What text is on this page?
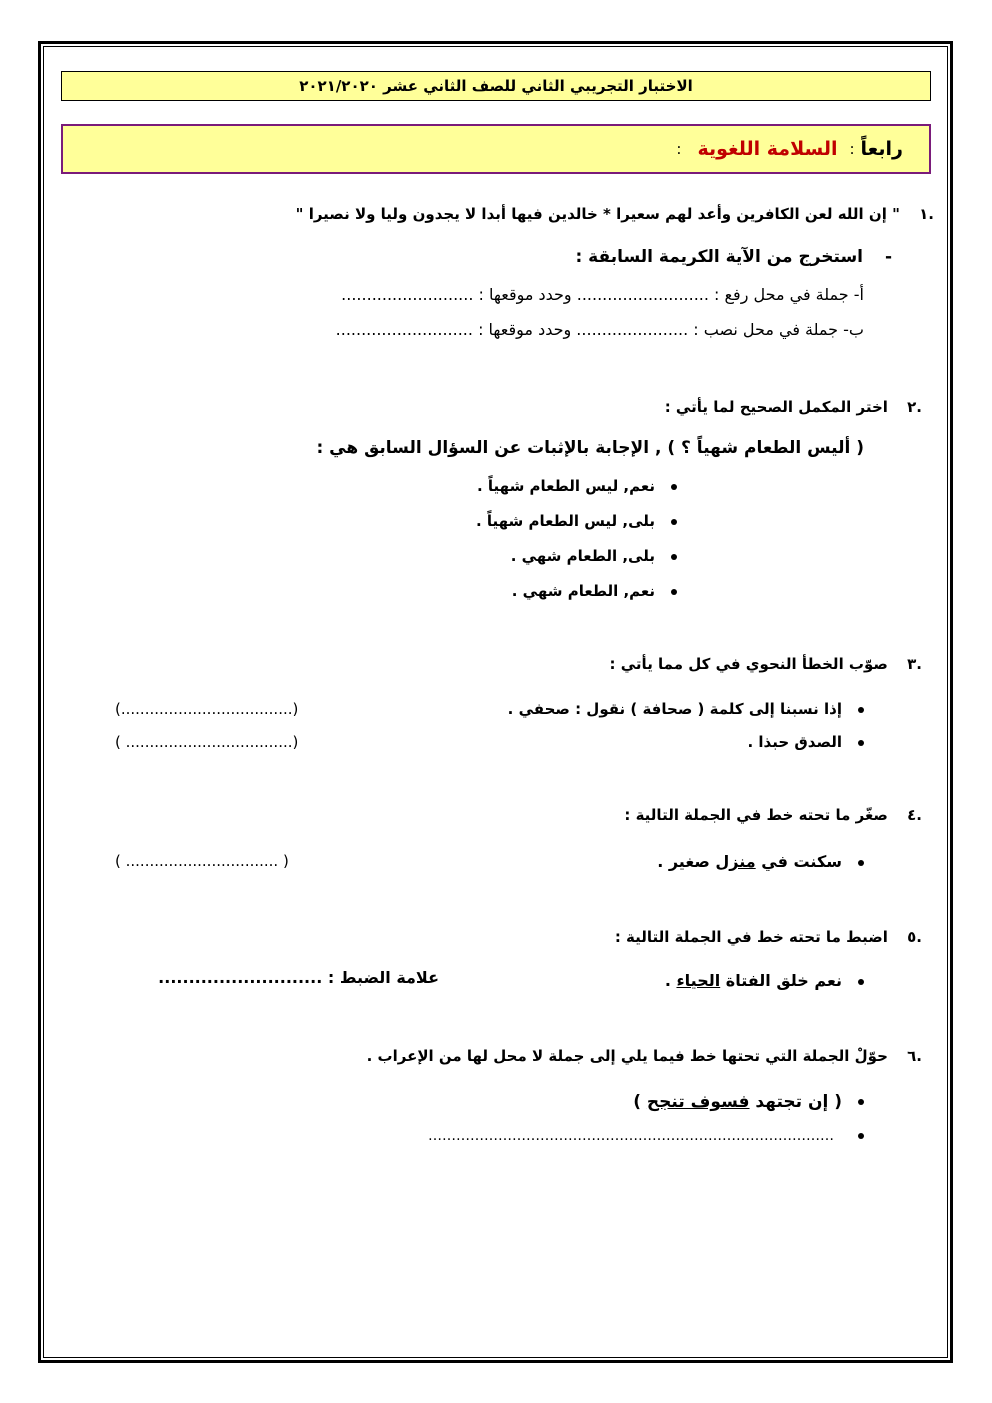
الاختبار التجريبي الثاني للصف الثاني عشر ٢٠٢١/٢٠٢٠
رابعاً
:
السلامة اللغوية
:
.١ " إن الله لعن الكافرين وأعد لهم سعيرا * خالدين فيها أبدا لا يجدون وليا ولا نصيرا "
- استخرج من الآية الكريمة السابقة :
أ- جملة في محل رفع : .......................... وحدد موقعها : ..........................
ب- جملة في محل نصب : ...................... وحدد موقعها : ...........................
.٢ اختر المكمل الصحيح لما يأتي :
( أليس الطعام شهياً ؟ ) , الإجابة بالإثبات عن السؤال السابق هي :
نعم, ليس الطعام شهياً .
بلى, ليس الطعام شهياً .
بلى, الطعام شهي .
نعم, الطعام شهي .
.٣ صوّب الخطأ النحوي في كل مما يأتي :
إذا نسبنا إلى كلمة ( صحافة ) نقول : صحفي .
(....................................)
الصدق حبذا .
( ...................................)
.٤ صغّر ما تحته خط في الجملة التالية :
سكنت في منزل صغير .
( ................................ )
.٥ اضبط ما تحته خط في الجملة التالية :
نعم خلق الفتاة الحياء .
علامة الضبط : ...........................
.٦ حوّلْ الجملة التي تحتها خط فيما يلي إلى جملة لا محل لها من الإعراب .
( إن تجتهد فسوف تنجح )
……………………………………………………………………………
